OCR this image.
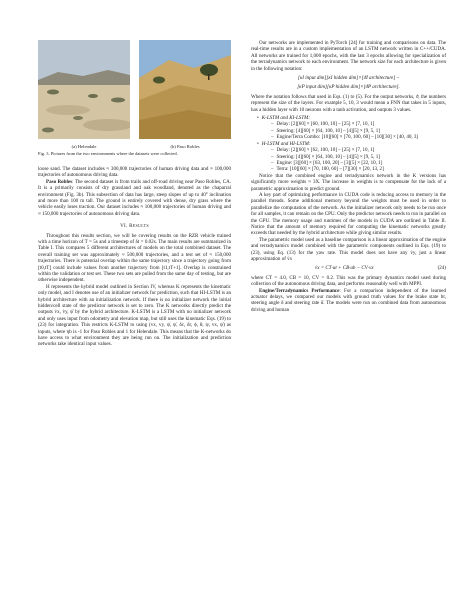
(a) Helendale	(b) Paso Robles

Fig. 3. Pictures from the two environments where the datasets were collected.

loose sand. The dataset includes ≈ 300,000 trajectories of human driving data and ≈ 100,000 trajectories of autonomous driving data.

Paso Robles: The second dataset is from trails and off-road driving near Paso Robles, CA. It is a primarily consists of dry grassland and oak woodland, denoted as the chaparral environment (Fig. 3b). This subsection of data has large, steep slopes of up to 40° inclination and more than 100 m tall. The ground is entirely covered with dense, dry grass where the vehicle easily loses traction. Our dataset includes ≈ 100,000 trajectories of human driving and ≈ 150,000 trajectories of autonomous driving data.

VI. Results

Throughout this results section, we will be covering results on the RZR vehicle trained with a time horizon of T = 5s and a timestep of δt = 0.02s. The main results are summarized in Table I. This compares 5 different architectures of models on the total combined dataset. The overall training set was approximately ≈ 500,000 trajectories, and a test set of ≈ 150,000 trajectories. There is potential overlap within the same trajectory since a trajectory going from [t0,tT] could include values from another trajectory from [t1,tT+1]. Overlap is constrained within the validation or test set. These two sets are pulled from the same day of testing, but are otherwise independent.

H represents the hybrid model outlined in Section IV, whereas K represents the kinematic only model, and I denotes use of an initializer network for prediction, such that HI-LSTM is an hybrid architecture with an initialization network. If there is no initializer network the initial hidden/cell state of the predictor network is set to zero. The K networks directly predict the outputs v̇x, v̇y, ψ̈ by the hybrid architecture. K-LSTM is a LSTM with no initializer network and only uses input from odometry and elevation map, but still uses the kinematic Eqs. (19) to (23) for integration. This restricts K-LSTM to using (vx, vy, ψ̇, ψ̇, δc, δr, ϕ, θ, ψ, vx, ψ̇) as inputs, where ηb is -1 for Paso Robles and 1 for Helendale. This means that the K-networks do have access to what environment they are being run on. The initialization and prediction networks take identical input values.

Our networks are implemented in PyTorch [24] for training and comparisons on data. The real-time results are in a custom implementation of an LSTM network written in C++/CUDA. All networks are trained for 1,000 epochs, with the last 3 epochs allowing for specialization of the terradynamics network to each environment. The network size for each architecture is given in the following notation:

[κI input dim][κI hidden dim]×[ϑI architecture] –
[κP input dim][κP hidden dim]×[ϑP architecture].

Where the notation follows that used in Eqs. (1) to (5). For the output networks, ϑ, the numbers represent the size of the layers. For example 5, 10, 3 would mean a FNN that takes in 5 inputs, has a hidden layer with 10 neurons with a tanh activation, and outputs 3 values.

• K-LSTM and KI-LSTM:
– Delay: [2][60] × [60, 100, 10] – [25] × [7, 10, 1]
– Steering: [4][60] × [64, 100, 10] – [4][5] × [9, 5, 1]
– Engine/Terra Combo: [10][60] × [70, 100, 60] – [10][30] × [40, 40, 3]
• H-LSTM and HI-LSTM:
– Delay: [2][60] × [62, 100, 10] – [25] × [7, 10, 1]
– Steering: [4][60] × [64, 100, 10] – [4][5] × [9, 5, 1]
– Engine: [3][60] × [63, 100, 20] – [3][5] × [22, 10, 1]
– Terra: [10][60] × [70, 100, 60] – [7][30] × [20, 13, 2]

Notice that the combined engine and terradynamics network in the K versions has significantly more weights ≈ 3X. The increase in weights is to compensate for the lack of a parametric approximation to predict ground.

A key part of optimizing performance in CUDA code is reducing access to memory in the parallel threads. Some additional memory beyond the weights must be used in order to parallelize the computation of the network. As the initializer network only needs to be run once for all samples, it can remain on the CPU. Only the predictor network needs to run in parallel on the GPU. The memory usage and runtimes of the models in CUDA are outlined in Table II. Notice that the amount of memory required for computing the kinematic networks greatly exceeds that needed by the hybrid architecture while giving similar results.

The parametric model used as a baseline comparison is a linear approximation of the engine and terradynamics model combined with the parametric components outlined in Eqs. (19) to (23), using Eq. (13) for the yaw rate. This model does not have any v̇y, just a linear approximation of v̇x

v̇x = CT·ut + CB·ub − CV·vx	(24)

where CT = 4.0, CB = 10, CV = 0.2. This was the primary dynamics model used during collection of the autonomous driving data, and performs reasonably well with MPPI.

Engine/Terradynamics Performance: For a comparison independent of the learned actuator delays, we compared our models with ground truth values for the brake state bt, steering angle δ and steering rate δ̇. The models were run on combined data from autonomous driving and human
